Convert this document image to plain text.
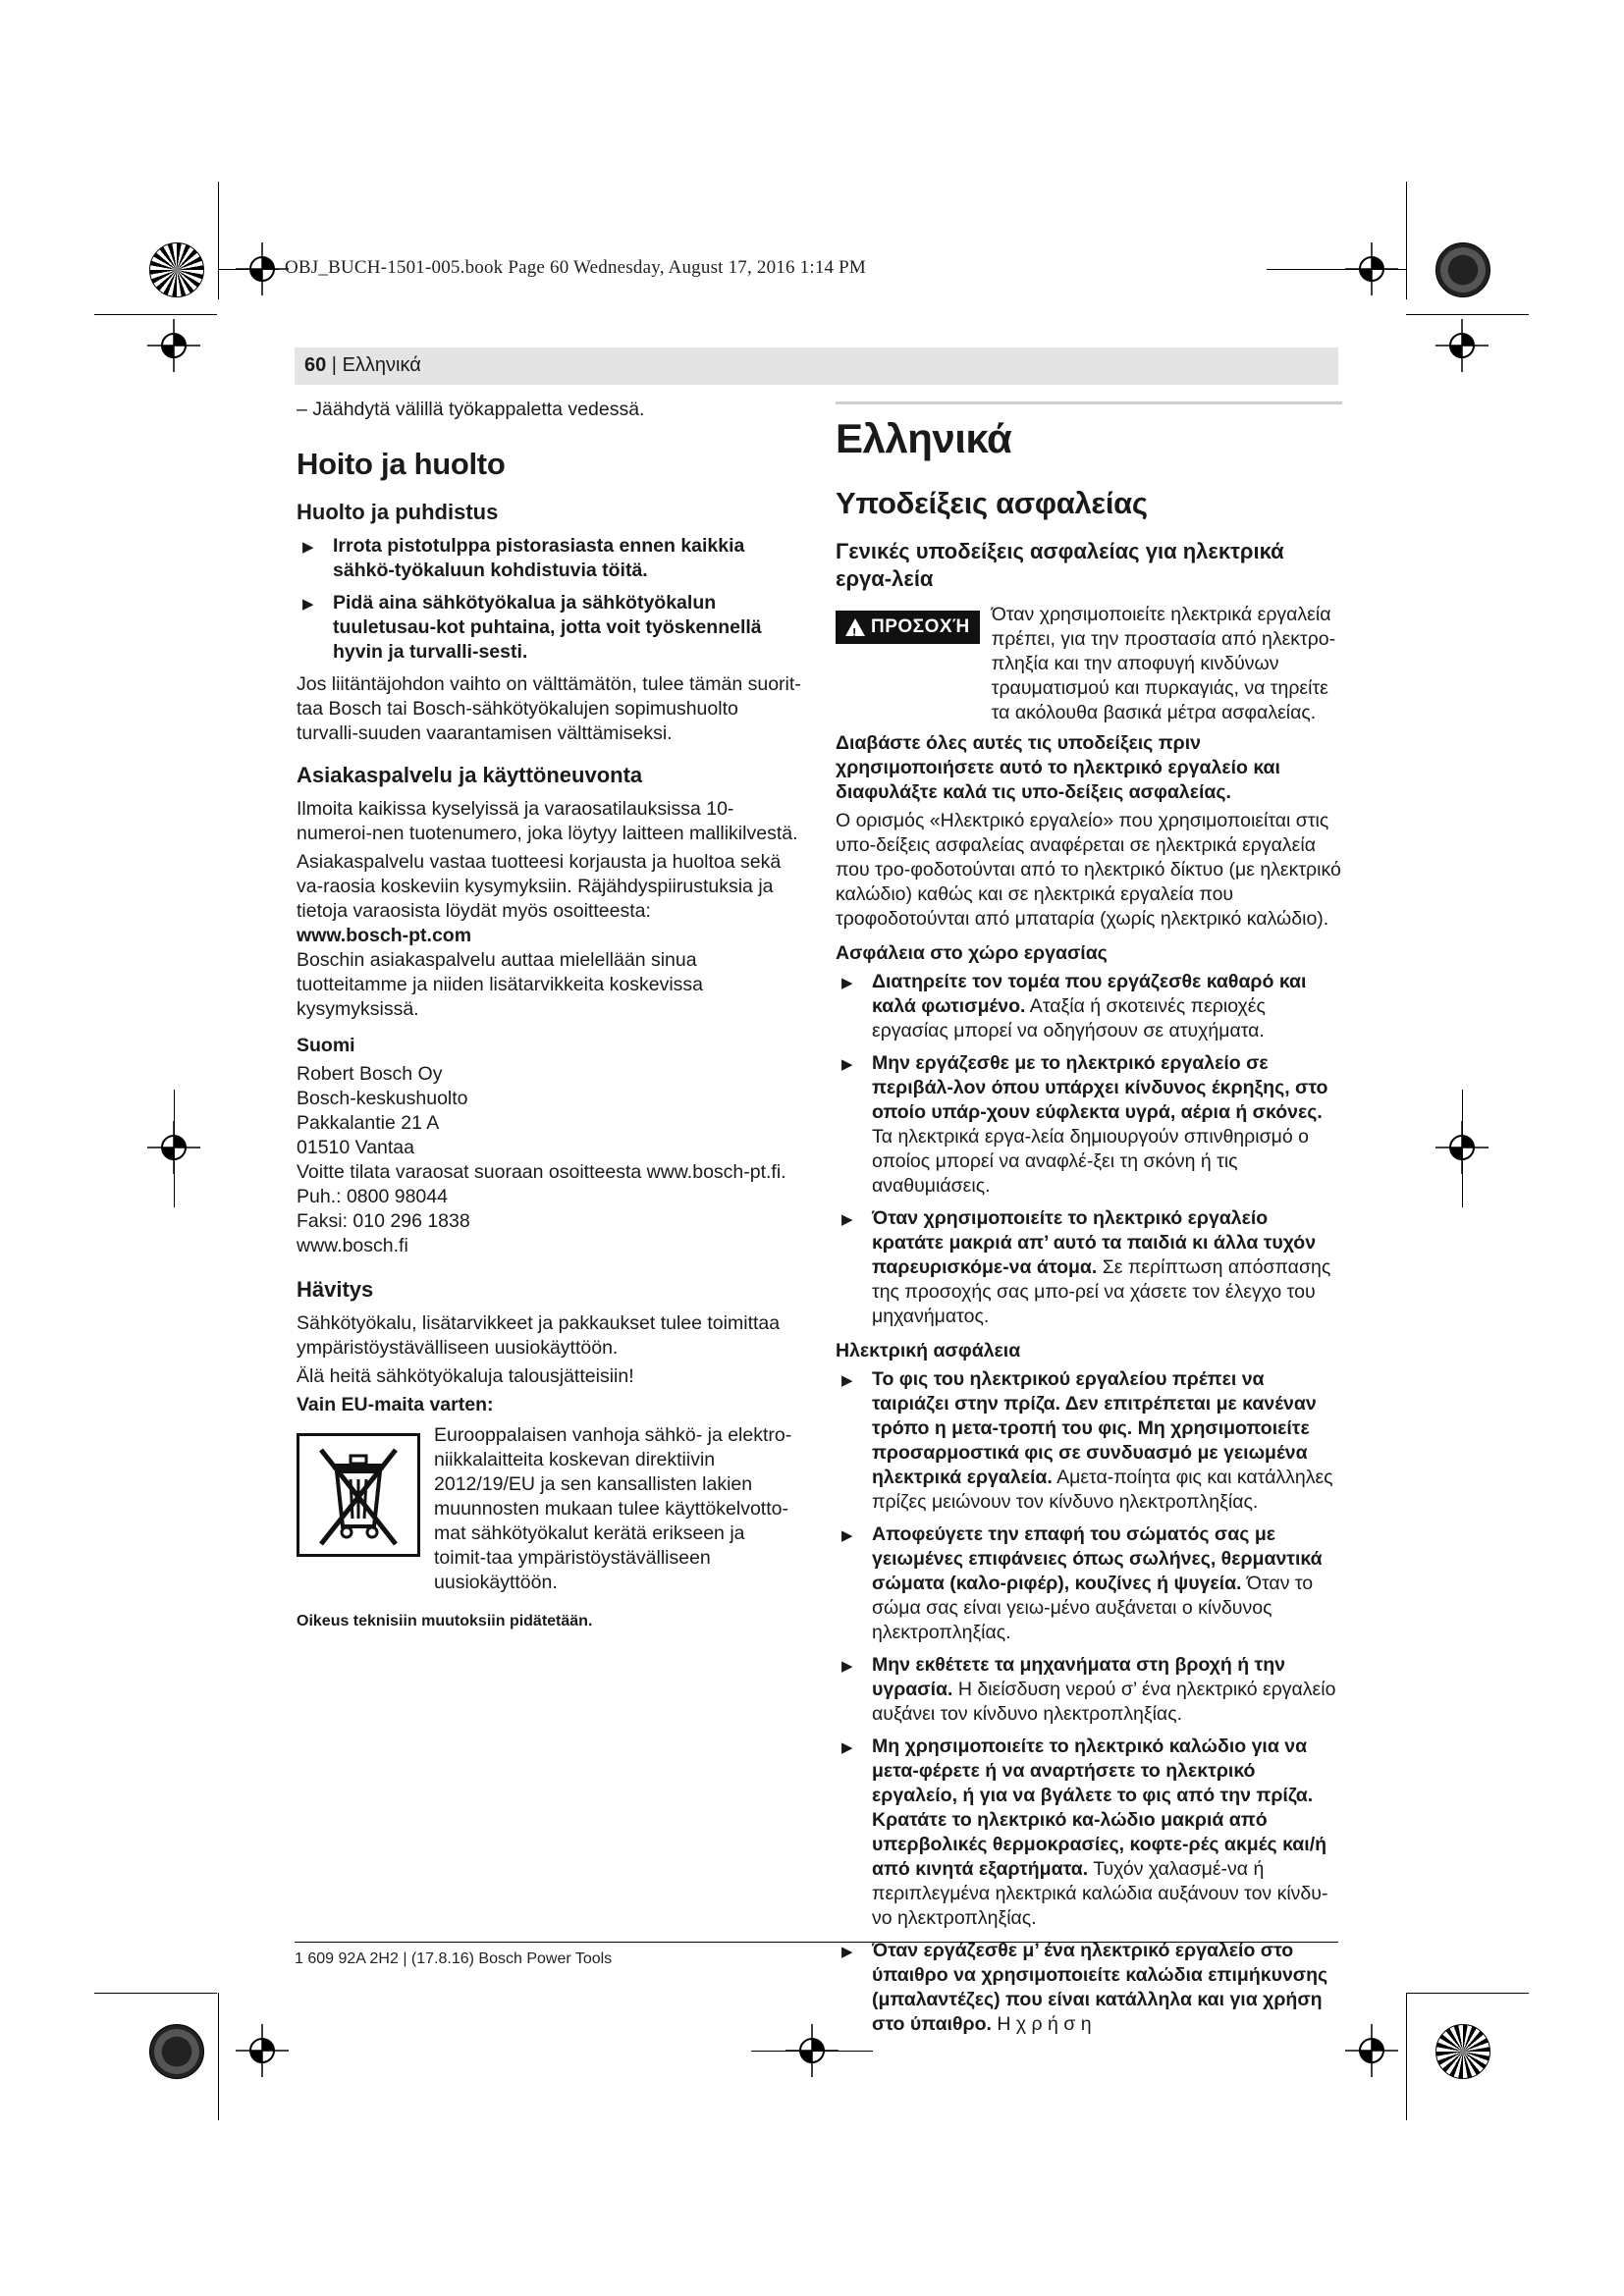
OBJ_BUCH-1501-005.book Page 60 Wednesday, August 17, 2016 1:14 PM
60 | Ελληνικά

– Jäähdytä välillä työkappaletta vedessä.

Hoito ja huolto
Huolto ja puhdistus
▶ Irrota pistotulppa pistorasiasta ennen kaikkia sähkö-työkaluun kohdistuvia töitä.
▶ Pidä aina sähkötyökalua ja sähkötyökalun tuuletusau-kot puhtaina, jotta voit työskennellä hyvin ja turvalli-sesti.

Jos liitäntäjohdon vaihto on välttämätön, tulee tämän suorit-taa Bosch tai Bosch-sähkötyökalujen sopimushuolto turvalli-suuden vaarantamisen välttämiseksi.

Asiakaspalvelu ja käyttöneuvonta

Ilmoita kaikissa kyselyissä ja varaosatilauksissa 10-numeroi-nen tuotenumero, joka löytyy laitteen mallikilvestä.

Asiakaspalvelu vastaa tuotteesi korjausta ja huoltoa sekä va-raosia koskeviin kysymyksiin. Räjähdyspiirustuksia ja tietoja varaosista löydät myös osoitteesta:

www.bosch-pt.com

Boschin asiakaspalvelu auttaa mielellään sinua tuotteitamme ja niiden lisätarvikkeita koskevissa kysymyksissä.

Suomi

Robert Bosch Oy

Bosch-keskushuolto

Pakkalantie 21 A

01510 Vantaa

Voitte tilata varaosat suoraan osoitteesta www.bosch-pt.fi.

Puh.: 0800 98044

Faksi: 010 296 1838

www.bosch.fi

Hävitys

Sähkötyökalu, lisätarvikkeet ja pakkaukset tulee toimittaa ympäristöystävälliseen uusiokäyttöön.

Älä heitä sähkötyökaluja talousjätteisiin!

Vain EU-maita varten:
Eurooppalaisen vanhoja sähkö- ja elektro-niikkalaitteita koskevan direktiivin 2012/19/EU ja sen kansallisten lakien muunnosten mukaan tulee käyttökelvotto-mat sähkötyökalut kerätä erikseen ja toimit-taa ympäristöystävälliseen uusiokäyttöön.
Oikeus teknisiin muutoksiin pidätetään.
Ελληνικά
Υποδείξεις ασφαλείας
Γενικές υποδείξεις ασφαλείας για ηλεκτρικά εργα-λεία
! ΠΡΟΣΟΧΉ
Όταν χρησιμοποιείτε ηλεκτρικά εργαλεία πρέπει, για την προστασία από ηλεκτρο-πληξία και την αποφυγή κινδύνων τραυματισμού και πυρκαγιάς, να τηρείτε τα ακόλουθα βασικά μέτρα ασφαλείας.

Διαβάστε όλες αυτές τις υποδείξεις πριν χρησιμοποιήσετε αυτό το ηλεκτρικό εργαλείο και διαφυλάξτε καλά τις υπο-δείξεις ασφαλείας.

Ο ορισμός «Ηλεκτρικό εργαλείο» που χρησιμοποιείται στις υπο-δείξεις ασφαλείας αναφέρεται σε ηλεκτρικά εργαλεία που τρο-φοδοτούνται από το ηλεκτρικό δίκτυο (με ηλεκτρικό καλώδιο) καθώς και σε ηλεκτρικά εργαλεία που τροφοδοτούνται από μπαταρία (χωρίς ηλεκτρικό καλώδιο).

Ασφάλεια στο χώρο εργασίας
▶ Διατηρείτε τον τομέα που εργάζεσθε καθαρό και καλά φωτισμένο. Αταξία ή σκοτεινές περιοχές εργασίας μπορεί να οδηγήσουν σε ατυχήματα.
▶ Μην εργάζεσθε με το ηλεκτρικό εργαλείο σε περιβάλ-λον όπου υπάρχει κίνδυνος έκρηξης, στο οποίο υπάρ-χουν εύφλεκτα υγρά, αέρια ή σκόνες. Τα ηλεκτρικά εργα-λεία δημιουργούν σπινθηρισμό ο οποίος μπορεί να αναφλέ-ξει τη σκόνη ή τις αναθυμιάσεις.
▶ Όταν χρησιμοποιείτε το ηλεκτρικό εργαλείο κρατάτε μακριά απ’ αυτό τα παιδιά κι άλλα τυχόν παρευρισκόμε-να άτομα. Σε περίπτωση απόσπασης της προσοχής σας μπο-ρεί να χάσετε τον έλεγχο του μηχανήματος.
Ηλεκτρική ασφάλεια
▶ Το φις του ηλεκτρικού εργαλείου πρέπει να ταιριάζει στην πρίζα. Δεν επιτρέπεται με κανέναν τρόπο η μετα-τροπή του φις. Μη χρησιμοποιείτε προσαρμοστικά φις σε συνδυασμό με γειωμένα ηλεκτρικά εργαλεία. Αμετα-ποίητα φις και κατάλληλες πρίζες μειώνουν τον κίνδυνο ηλεκτροπληξίας.
▶ Αποφεύγετε την επαφή του σώματός σας με γειωμένες επιφάνειες όπως σωλήνες, θερμαντικά σώματα (καλο-ριφέρ), κουζίνες ή ψυγεία. Όταν το σώμα σας είναι γειω-μένο αυξάνεται ο κίνδυνος ηλεκτροπληξίας.
▶ Μην εκθέτετε τα μηχανήματα στη βροχή ή την υγρασία. Η διείσδυση νερού σ’ ένα ηλεκτρικό εργαλείο αυξάνει τον κίνδυνο ηλεκτροπληξίας.
▶ Μη χρησιμοποιείτε το ηλεκτρικό καλώδιο για να μετα-φέρετε ή να αναρτήσετε το ηλεκτρικό εργαλείο, ή για να βγάλετε το φις από την πρίζα. Κρατάτε το ηλεκτρικό κα-λώδιο μακριά από υπερβολικές θερμοκρασίες, κοφτε-ρές ακμές και/ή από κινητά εξαρτήματα. Τυχόν χαλασμέ-να ή περιπλεγμένα ηλεκτρικά καλώδια αυξάνουν τον κίνδυ-νο ηλεκτροπληξίας.
▶ Όταν εργάζεσθε μ’ ένα ηλεκτρικό εργαλείο στο ύπαιθρο να χρησιμοποιείτε καλώδια επιμήκυνσης (μπαλαντέζες) που είναι κατάλληλα και για χρήση στο ύπαιθρο. Η χ ρ ή σ η
1 609 92A 2H2 | (17.8.16) Bosch Power Tools
